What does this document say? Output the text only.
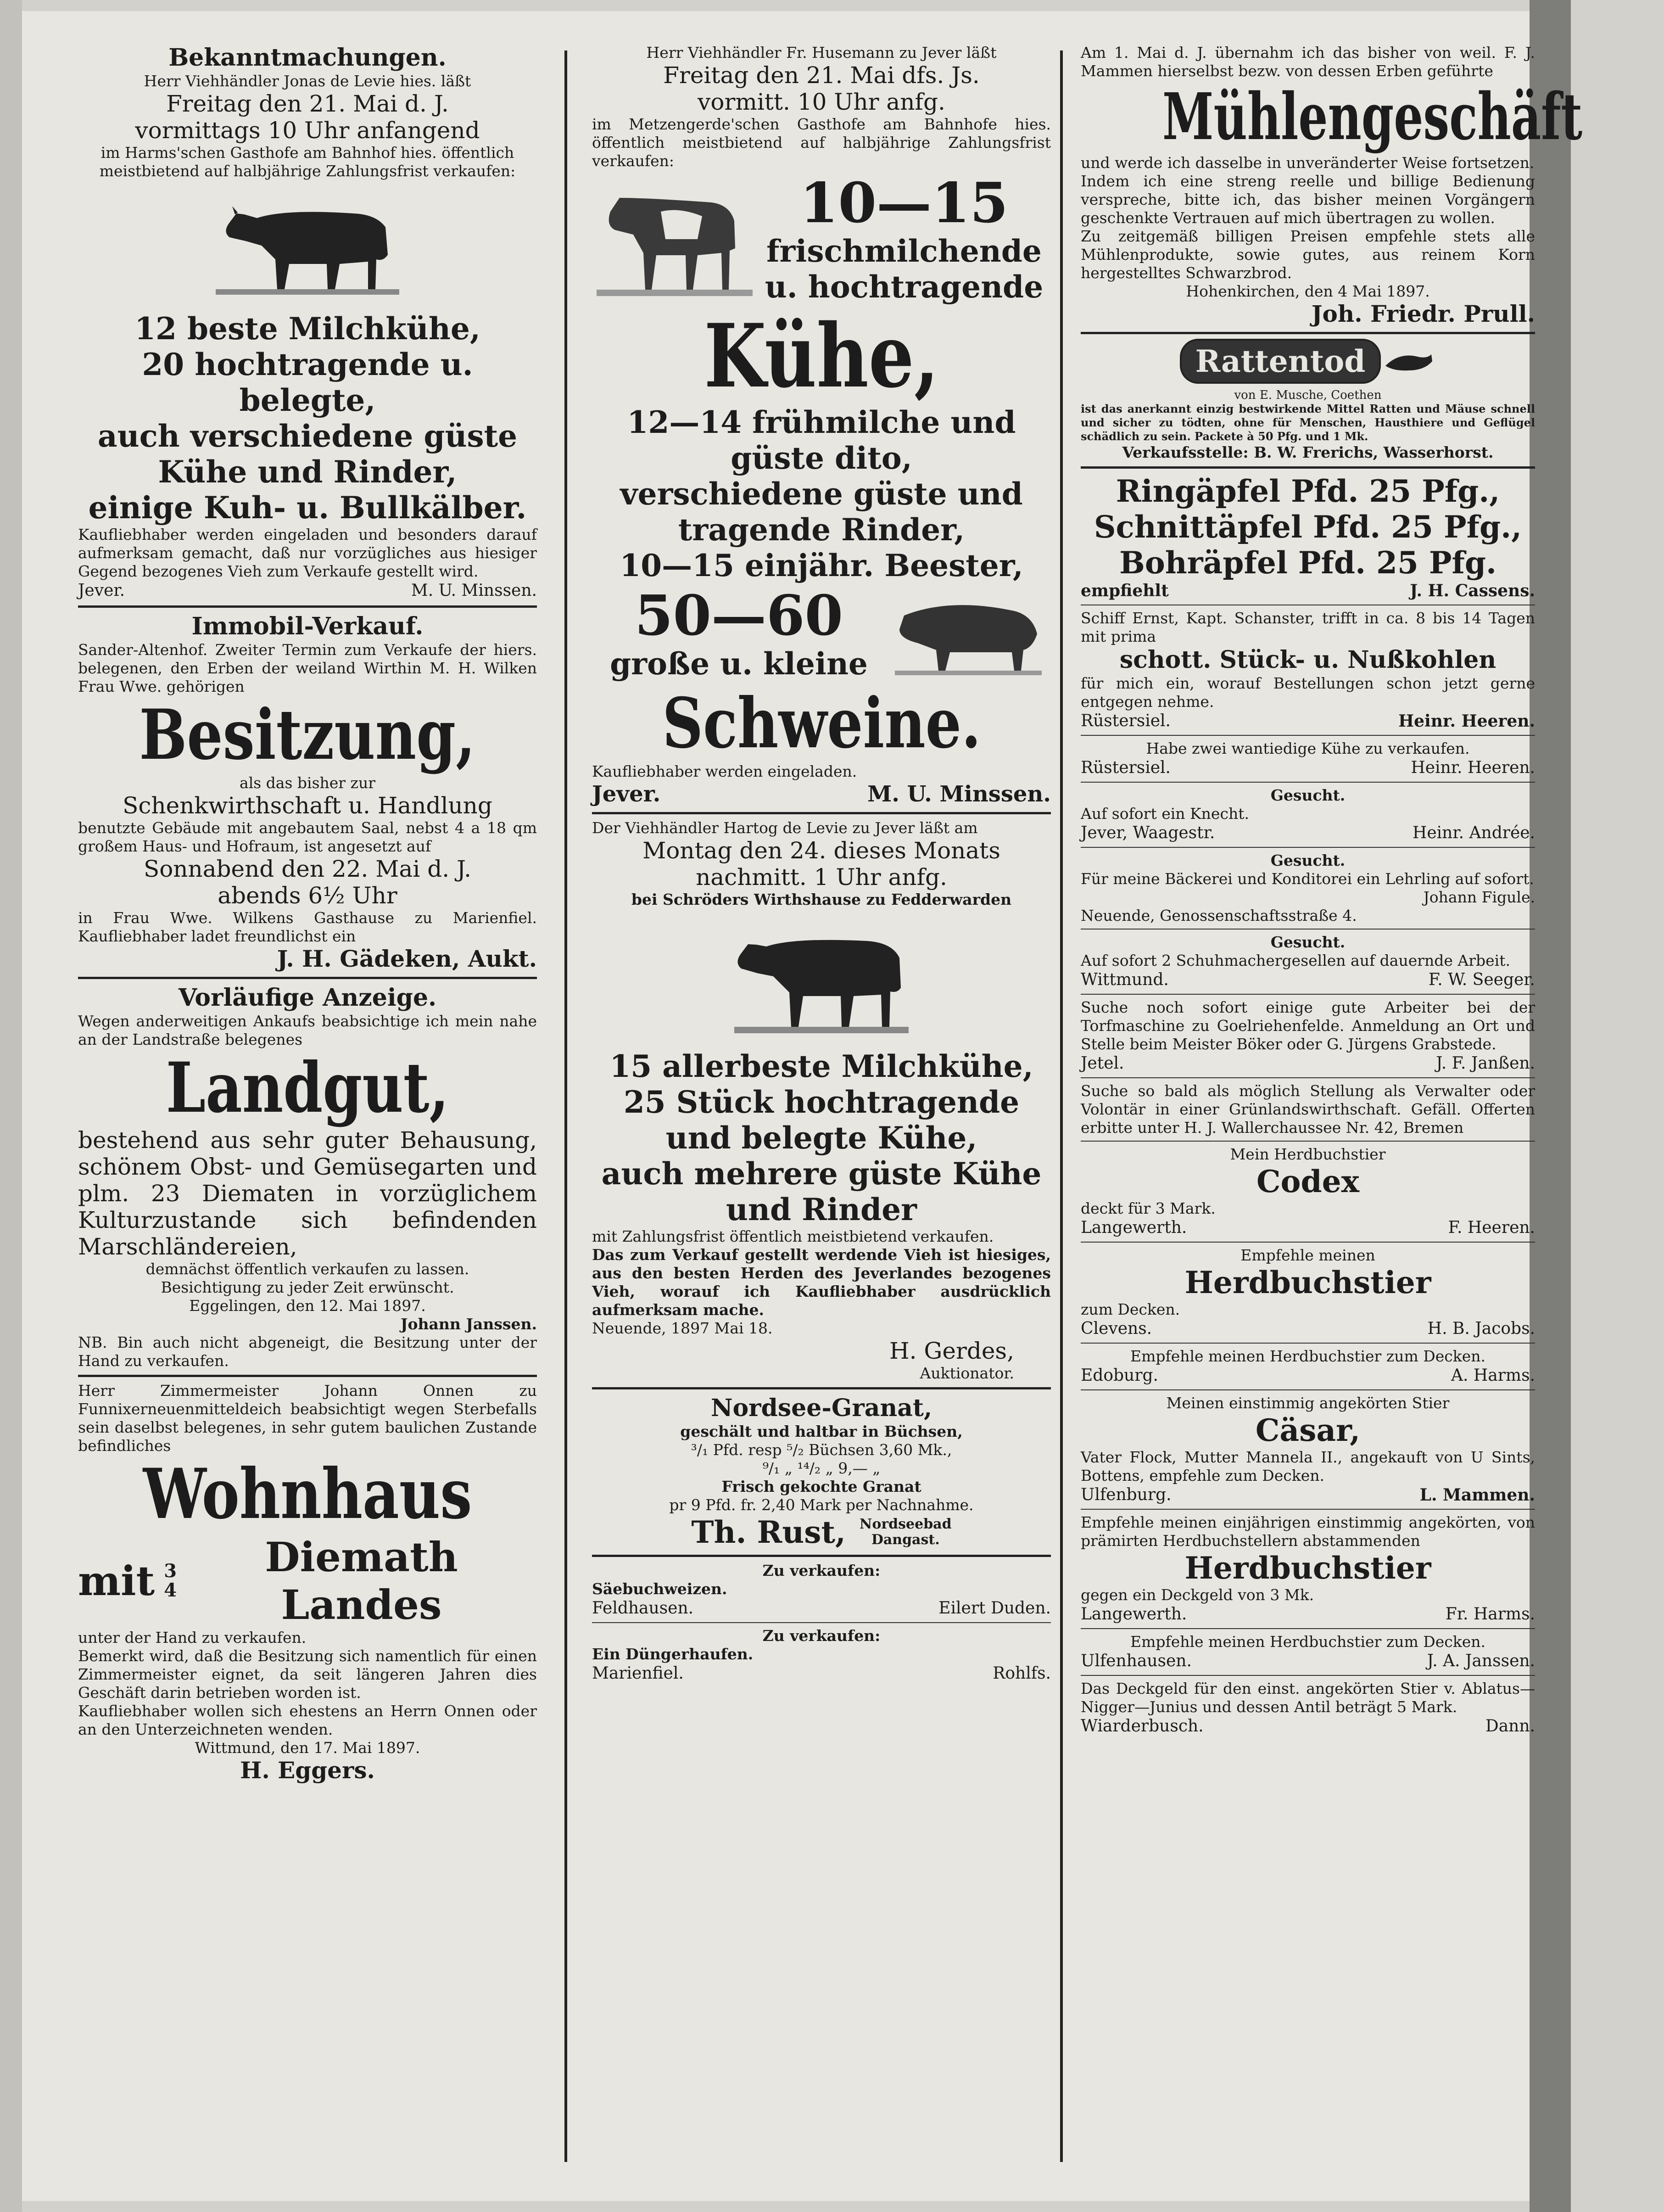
Bekanntmachungen.

Herr Viehhändler Jonas de Levie hies. läßt

Freitag den 21. Mai d. J.

vormittags 10 Uhr anfangend

im Harms'schen Gasthofe am Bahnhof hies. öffentlich

meistbietend auf halbjährige Zahlungsfrist verkaufen:

12 beste Milchkühe,

20 hochtragende u. belegte,

auch verschiedene güste

Kühe und Rinder,

einige Kuh- u. Bullkälber.

Kaufliebhaber werden eingeladen und besonders darauf aufmerksam gemacht, daß nur vorzügliches aus hiesiger Gegend bezogenes Vieh zum Verkaufe gestellt wird.

Jever.	M. U. Minssen.

Immobil-Verkauf.

Sander-Altenhof. Zweiter Termin zum Verkaufe der hiers. belegenen, den Erben der weiland Wirthin M. H. Wilken Frau Wwe. gehörigen

Besitzung,

als das bisher zur

Schenkwirthschaft u. Handlung

benutzte Gebäude mit angebautem Saal, nebst 4 a 18 qm großem Haus- und Hofraum, ist angesetzt auf

Sonnabend den 22. Mai d. J.

abends 6½ Uhr

in Frau Wwe. Wilkens Gasthause zu Marienfiel. Kaufliebhaber ladet freundlichst ein

J. H. Gädeken, Aukt.

Vorläufige Anzeige.

Wegen anderweitigen Ankaufs beabsichtige ich mein nahe an der Landstraße belegenes

Landgut,

bestehend aus sehr guter Behausung, schönem Obst- und Gemüsegarten und plm. 23 Diematen in vorzüglichem Kulturzustande sich befindenden Marschländereien,

demnächst öffentlich verkaufen zu lassen.

Besichtigung zu jeder Zeit erwünscht.

Eggelingen, den 12. Mai 1897.

Johann Janssen.

NB. Bin auch nicht abgeneigt, die Besitzung unter der Hand zu verkaufen.

Herr Zimmermeister Johann Onnen zu Funnixerneuenmitteldeich beabsichtigt wegen Sterbefalls sein daselbst belegenes, in sehr gutem baulichen Zustande befindliches

Wohnhaus

mit 3
4
Diemath Landes

unter der Hand zu verkaufen.

Bemerkt wird, daß die Besitzung sich namentlich für einen Zimmermeister eignet, da seit längeren Jahren dies Geschäft darin betrieben worden ist.

Kaufliebhaber wollen sich ehestens an Herrn Onnen oder an den Unterzeichneten wenden.

Wittmund, den 17. Mai 1897.

H. Eggers.

Herr Viehhändler Fr. Husemann zu Jever läßt

Freitag den 21. Mai dfs. Js.

vormitt. 10 Uhr anfg.

im Metzengerde'schen Gasthofe am Bahnhofe hies. öffentlich meistbietend auf halbjährige Zahlungsfrist verkaufen:

10—15

frischmilchende

u. hochtragende

Kühe,

12—14 frühmilche und

güste dito,

verschiedene güste und

tragende Rinder,

10—15 einjähr. Beester,

50—60

große u. kleine

Schweine.

Kaufliebhaber werden eingeladen.

Jever.	M. U. Minssen.

Der Viehhändler Hartog de Levie zu Jever läßt am

Montag den 24. dieses Monats

nachmitt. 1 Uhr anfg.

bei Schröders Wirthshause zu Fedderwarden

15 allerbeste Milchkühe,

25 Stück hochtragende

und belegte Kühe,

auch mehrere güste Kühe

und Rinder

mit Zahlungsfrist öffentlich meistbietend verkaufen.

Das zum Verkauf gestellt werdende Vieh ist hiesiges, aus den besten Herden des Jeverlandes bezogenes Vieh, worauf ich Kaufliebhaber ausdrücklich aufmerksam mache.

Neuende, 1897 Mai 18.

H. Gerdes,

Auktionator.

Nordsee-Granat,

geschält und haltbar in Büchsen,

³/₁ Pfd. resp ⁵/₂ Büchsen 3,60 Mk.,

⁹/₁ „ ¹⁴/₂ „ 9,— „

Frisch gekochte Granat

pr 9 Pfd. fr. 2,40 Mark per Nachnahme.

Th. Rust, Nordseebad
Dangast.

Zu verkaufen:

Säebuchweizen.

Feldhausen.	Eilert Duden.

Zu verkaufen:

Ein Düngerhaufen.

Marienfiel.	Rohlfs.

Am 1. Mai d. J. übernahm ich das bisher von weil. F. J. Mammen hierselbst bezw. von dessen Erben geführte

Mühlengeschäft

und werde ich dasselbe in unveränderter Weise fortsetzen.

Indem ich eine streng reelle und billige Bedienung verspreche, bitte ich, das bisher meinen Vorgängern geschenkte Vertrauen auf mich übertragen zu wollen.

Zu zeitgemäß billigen Preisen empfehle stets alle Mühlenprodukte, sowie gutes, aus reinem Korn hergestelltes Schwarzbrod.

Hohenkirchen, den 4 Mai 1897.

Joh. Friedr. Prull.

Rattentod

von E. Musche, Coethen

ist das anerkannt einzig bestwirkende Mittel Ratten und Mäuse schnell und sicher zu tödten, ohne für Menschen, Hausthiere und Geflügel schädlich zu sein. Packete à 50 Pfg. und 1 Mk.

Verkaufsstelle: B. W. Frerichs, Wasserhorst.

Ringäpfel Pfd. 25 Pfg.,

Schnittäpfel Pfd. 25 Pfg.,

Bohräpfel Pfd. 25 Pfg.

empfiehlt	J. H. Cassens.

Schiff Ernst, Kapt. Schanster, trifft in ca. 8 bis 14 Tagen mit prima

schott. Stück- u. Nußkohlen

für mich ein, worauf Bestellungen schon jetzt gerne entgegen nehme.

Rüstersiel.	Heinr. Heeren.

Habe zwei wantiedige Kühe zu verkaufen.

Rüstersiel.	Heinr. Heeren.

Gesucht.

Auf sofort ein Knecht.

Jever, Waagestr.	Heinr. Andrée.

Gesucht.

Für meine Bäckerei und Konditorei ein Lehrling auf sofort.

Johann Figule.

Neuende, Genossenschaftsstraße 4.

Gesucht.

Auf sofort 2 Schuhmachergesellen auf dauernde Arbeit.

Wittmund.	F. W. Seeger.

Suche noch sofort einige gute Arbeiter bei der Torfmaschine zu Goelriehenfelde. Anmeldung an Ort und Stelle beim Meister Böker oder G. Jürgens Grabstede.

Jetel.	J. F. Janßen.

Suche so bald als möglich Stellung als Verwalter oder Volontär in einer Grünlandswirthschaft. Gefäll. Offerten erbitte unter H. J. Wallerchaussee Nr. 42, Bremen

Mein Herdbuchstier

Codex

deckt für 3 Mark.

Langewerth.	F. Heeren.

Empfehle meinen

Herdbuchstier

zum Decken.

Clevens.	H. B. Jacobs.

Empfehle meinen Herdbuchstier zum Decken.

Edoburg.	A. Harms.

Meinen einstimmig angekörten Stier

Cäsar,

Vater Flock, Mutter Mannela II., angekauft von U Sints, Bottens, empfehle zum Decken.

Ulfenburg.	L. Mammen.

Empfehle meinen einjährigen einstimmig angekörten, von prämirten Herdbuchstellern abstammenden

Herdbuchstier

gegen ein Deckgeld von 3 Mk.

Langewerth.	Fr. Harms.

Empfehle meinen Herdbuchstier zum Decken.

Ulfenhausen.	J. A. Janssen.

Das Deckgeld für den einst. angekörten Stier v. Ablatus—Nigger—Junius und dessen Antil beträgt 5 Mark.

Wiarderbusch.	Dann.
